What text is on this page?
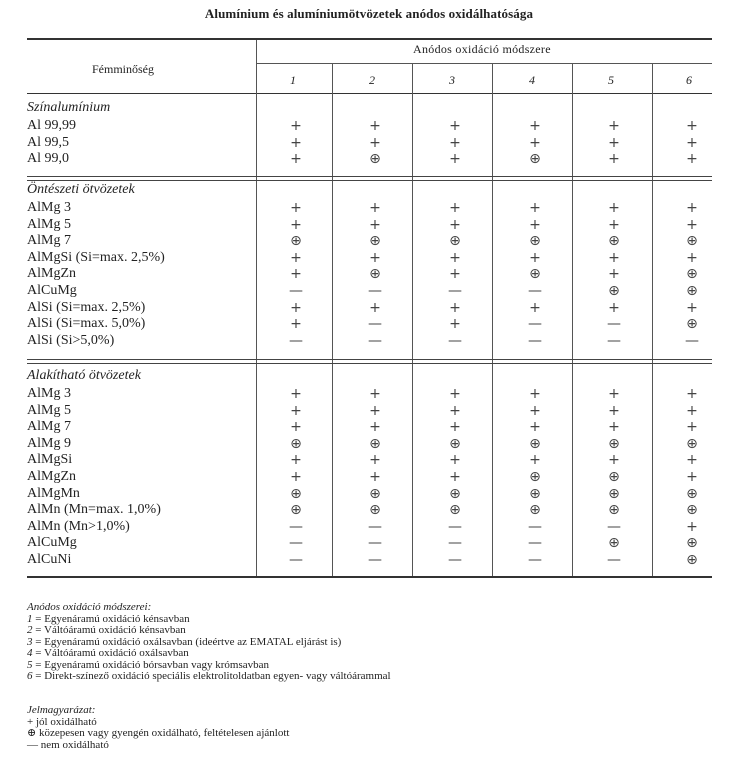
Alumínium és alumíniumötvözetek anódos oxidálhatósága
Fémminőség
Anódos oxidáció módszere
1	2	3	4	5	6
Színalumínium
Al 99,99	+	+	+	+	+	+
Al 99,5	+	+	+	+	+	+
Al 99,0	+	⊕	+	⊕	+	+
Öntészeti ötvözetek
AlMg 3	+	+	+	+	+	+
AlMg 5	+	+	+	+	+	+
AlMg 7	⊕	⊕	⊕	⊕	⊕	⊕
AlMgSi (Si=max. 2,5%)	+	+	+	+	+	+
AlMgZn	+	⊕	+	⊕	+	⊕
AlCuMg	—	—	—	—	⊕	⊕
AlSi (Si=max. 2,5%)	+	+	+	+	+	+
AlSi (Si=max. 5,0%)	+	—	+	—	—	⊕
AlSi (Si>5,0%)	—	—	—	—	—	—
Alakítható ötvözetek
AlMg 3	+	+	+	+	+	+
AlMg 5	+	+	+	+	+	+
AlMg 7	+	+	+	+	+	+
AlMg 9	⊕	⊕	⊕	⊕	⊕	⊕
AlMgSi	+	+	+	+	+	+
AlMgZn	+	+	+	⊕	⊕	+
AlMgMn	⊕	⊕	⊕	⊕	⊕	⊕
AlMn (Mn=max. 1,0%)	⊕	⊕	⊕	⊕	⊕	⊕
AlMn (Mn>1,0%)	—	—	—	—	—	+
AlCuMg	—	—	—	—	⊕	⊕
AlCuNi	—	—	—	—	—	⊕
Anódos oxidáció módszerei:
1 = Egyenáramú oxidáció kénsavban
2 = Váltóáramú oxidáció kénsavban
3 = Egyenáramú oxidáció oxálsavban (ideértve az EMATAL eljárást is)
4 = Váltóáramú oxidáció oxálsavban
5 = Egyenáramú oxidáció bórsavban vagy krómsavban
6 = Direkt-színező oxidáció speciális elektrolitoldatban egyen- vagy váltóárammal
Jelmagyarázat:
+ jól oxidálható
⊕ közepesen vagy gyengén oxidálható, feltételesen ajánlott
— nem oxidálható
